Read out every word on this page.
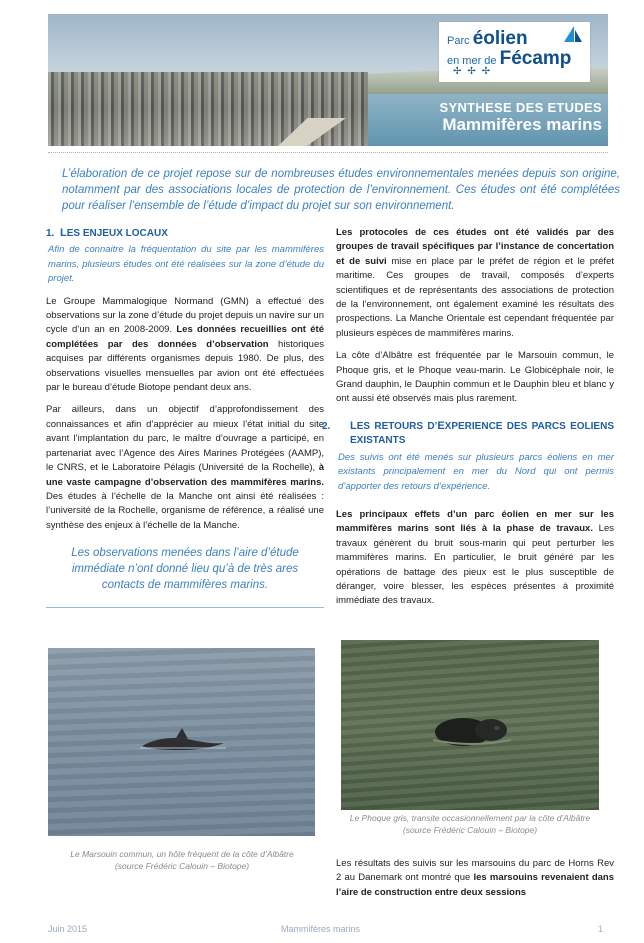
SYNTHESE DES ETUDES
Mammifères marins
Parc éolien
en mer de Fécamp
✢✢✢
L’élaboration de ce projet repose sur de nombreuses études environnementales menées depuis son origine, notamment par des associations locales de protection de l’environnement. Ces études ont été complétées pour réaliser l’ensemble de l’étude d’impact du projet sur son environnement.
1. LES ENJEUX LOCAUX
Afin de connaitre la fréquentation du site par les mammifères marins, plusieurs études ont été réalisées sur la zone d’étude du projet.

Le Groupe Mammalogique Normand (GMN) a effectué des observations sur la zone d’étude du projet depuis un navire sur un cycle d’un an en 2008-2009. Les données recueillies ont été complétées par des données d’observation historiques acquises par différents organismes depuis 1980. De plus, des observations visuelles mensuelles par avion ont été effectuées par le bureau d’étude Biotope pendant deux ans.

Par ailleurs, dans un objectif d’approfondissement des connaissances et afin d’apprécier au mieux l’état initial du site avant l’implantation du parc, le maître d’ouvrage a participé, en partenariat avec l’Agence des Aires Marines Protégées (AAMP), le CNRS, et le Laboratoire Pélagis (Université de la Rochelle), à une vaste campagne d’observation des mammifères marins. Des études à l’échelle de la Manche ont ainsi été réalisées : l’université de la Rochelle, organisme de référence, a réalisé une synthèse des enjeux à l’échelle de la Manche.

Les observations menées dans l’aire d’étude immédiate n’ont donné lieu qu’à de très ares contacts de mammifères marins.

Les protocoles de ces études ont été validés par des groupes de travail spécifiques par l’instance de concertation et de suivi mise en place par le préfet de région et le préfet maritime. Ces groupes de travail, composés d’experts scientifiques et de représentants des associations de protection de la l’environnement, ont également examiné les résultats des prospections. La Manche Orientale est cependant fréquentée par plusieurs espèces de mammifères marins.

La côte d’Albâtre est fréquentée par le Marsouin commun, le Phoque gris, et le Phoque veau-marin. Le Globicéphale noir, le Grand dauphin, le Dauphin commun et le Dauphin bleu et blanc y ont aussi été observés mais plus rarement.

2. LES RETOURS D’EXPERIENCE DES PARCS EOLIENS EXISTANTS
Des suivis ont été menés sur plusieurs parcs éoliens en mer existants principalement en mer du Nord qui ont permis d’apporter des retours d’expérience.

Les principaux effets d’un parc éolien en mer sur les mammifères marins sont liés à la phase de travaux. Les travaux génèrent du bruit sous-marin qui peut perturber les mammifères marins. En particulier, le bruit généré par les opérations de battage des pieux est le plus susceptible de déranger, voire blesser, les espèces présentes à proximité immédiate des travaux.

Le Marsouin commun, un hôte fréquent de la côte d’Albâtre (source Frédéric Calouin – Biotope)
Le Phoque gris, transite occasionnellement par la côte d’Albâtre (source Frédéric Calouin – Biotope)
Les résultats des suivis sur les marsouins du parc de Horns Rev 2 au Danemark ont montré que les marsouins revenaient dans l’aire de construction entre deux sessions
Juin 2015	Mammifères marins	1
